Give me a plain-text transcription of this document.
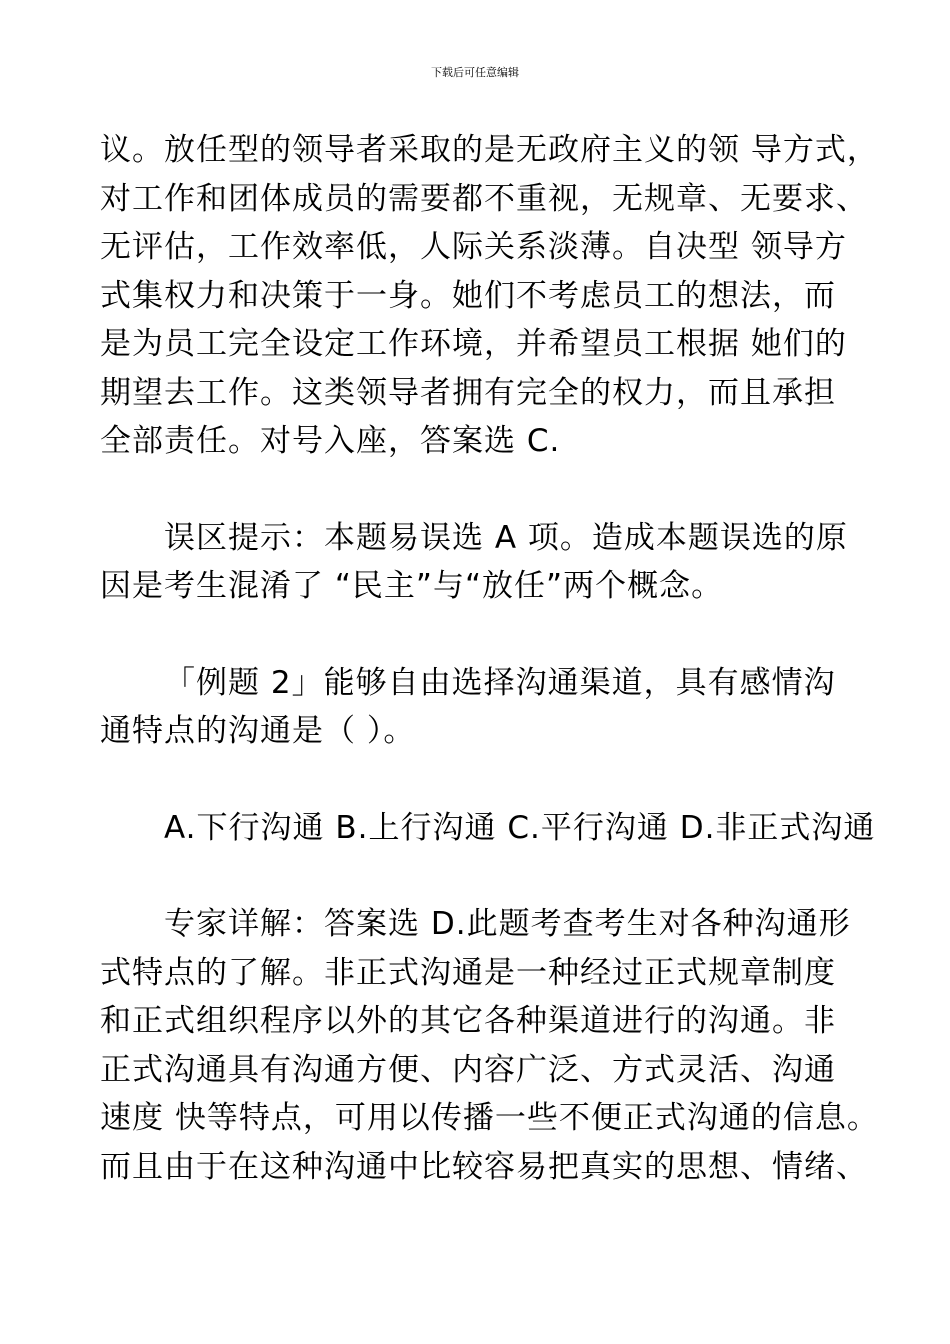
下载后可任意编辑
议。放任型的领导者采取的是无政府主义的领 导方式，
对工作和团体成员的需要都不重视，无规章、无要求、
无评估，工作效率低，人际关系淡薄。自决型 领导方
式集权力和决策于一身。她们不考虑员工的想法，而
是为员工完全设定工作环境，并希望员工根据 她们的
期望去工作。这类领导者拥有完全的权力，而且承担
全部责任。对号入座，答案选 C.
误区提示：本题易误选 A 项。造成本题误选的原
因是考生混淆了 “民主”与“放任”两个概念。
「例题 2」能够自由选择沟通渠道，具有感情沟
通特点的沟通是（ ）。
A.下行沟通 B.上行沟通 C.平行沟通 D.非正式沟通
专家详解：答案选 D.此题考查考生对各种沟通形
式特点的了解。非正式沟通是一种经过正式规章制度
和正式组织程序以外的其它各种渠道进行的沟通。非
正式沟通具有沟通方便、内容广泛、方式灵活、沟通
速度 快等特点，可用以传播一些不便正式沟通的信息。
而且由于在这种沟通中比较容易把真实的思想、情绪、
